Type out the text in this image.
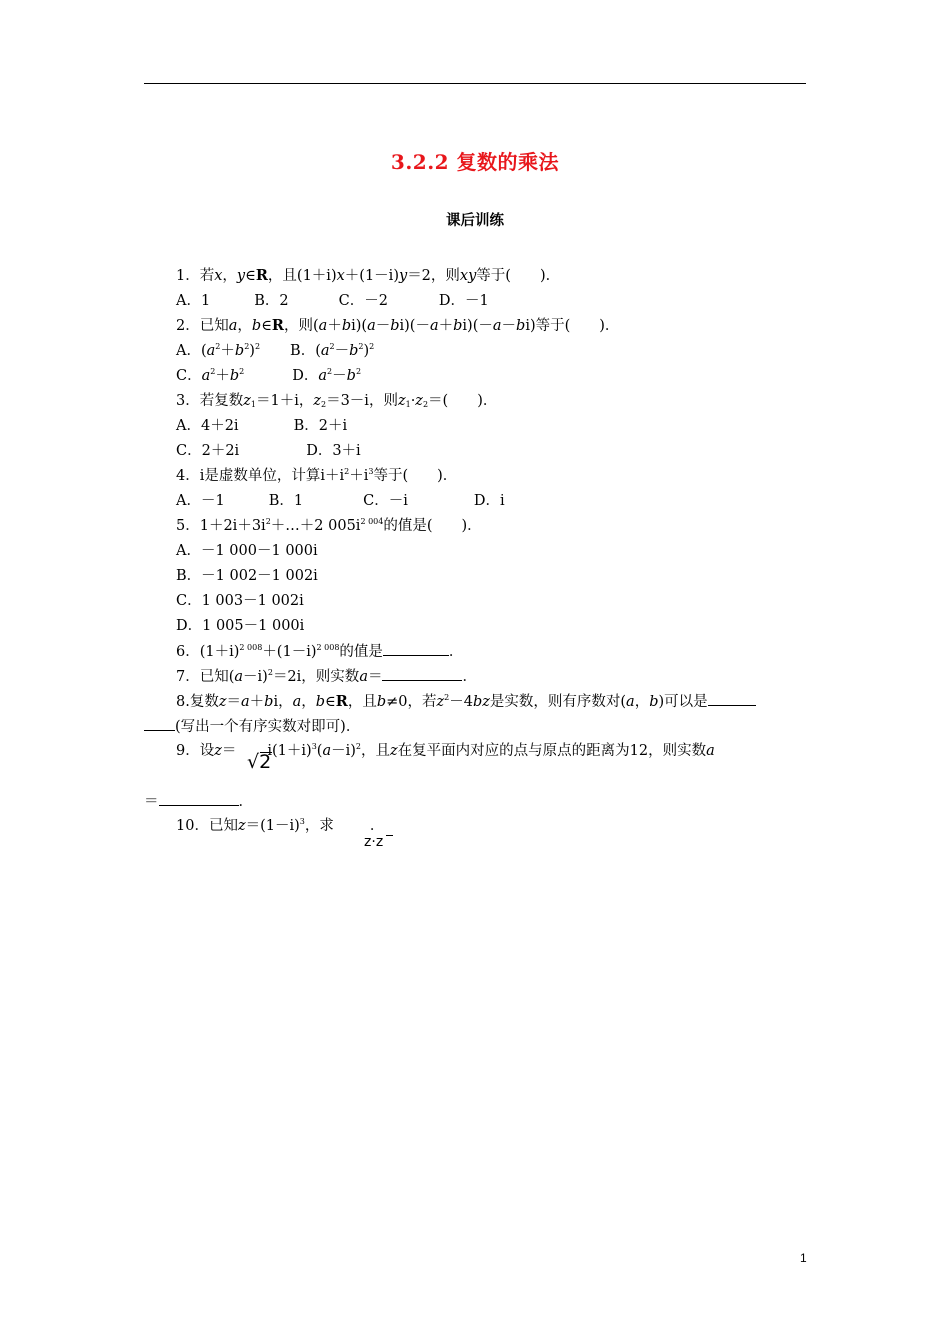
3.2.2 复数的乘法
课后训练
1．若x，y∈R，且(1＋i)x＋(1－i)y＝2，则xy等于(　　)．
A．1	B．2	C．－2	D．－1
2．已知a，b∈R，则(a＋bi)(a－bi)(－a＋bi)(－a－bi)等于(　　)．
A．$(a^2+b^2)^2$ B．$(a^2-b^2)^2$
C．$a^2+b^2$	D．$a^2-b^2$
3．若复数$z_1=1+i$，$z_2=3-i$，则$z_1\cdot z_2=$(　　)．
A．4＋2i	B．2＋i
C．2＋2i	D．3＋i
4．i是虚数单位，计算$i+i^2+i^3$等于(　　)．
A．－1	B．1	C．－i	D．i
5．$1+2i+3i^2+\dots+2$ $005i^{2 004}$的值是(　　)．
A．－1 000－1 000i
B．－1 002－1 002i
C．1 003－1 002i
D．1 005－1 000i
6．$(1+i)^{2 008}+(1-i)^{2 008}$的值是	．
7．已知$(a-i)^2=2i$，则实数a＝	．
8.复数z＝a＋bi，a，b∈R，且b≠0，若$z^2-4bz$是实数，则有序数对(a，b)可以是
(写出一个有序实数对即可)．
9．设$z= i(1+i)^3(a-i)^2$，且z在复平面内对应的点与原点的距离为12，则实数a
√2
＝	．
10．已知$z=(1-i)^3$，求 ．
z·z
1
